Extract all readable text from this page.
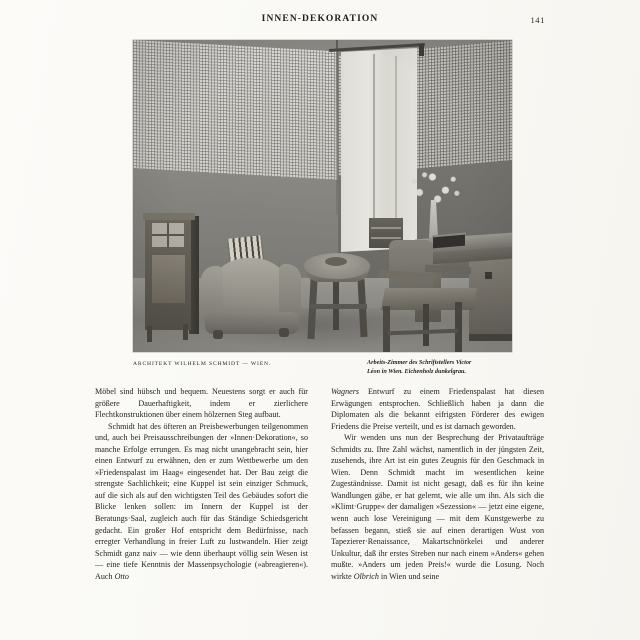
INNEN-DEKORATION	141
ARCHITEKT WILHELM SCHMIDT — WIEN.	Arbeits-Zimmer des Schriftstellers Victor
Léon in Wien. Eichenholz dunkelgrau.

Möbel sind hübsch und bequem. Neuestens sorgt er auch für größere Dauerhaftigkeit, indem er zierlichere Flechtkonstruktionen über einem hölzernen Steg aufbaut.

Schmidt hat des öfteren an Preisbewerbungen teilgenommen und, auch bei Preisausschreibungen der »Innen·Dekoration«, so manche Erfolge errungen. Es mag nicht unangebracht sein, hier einen Entwurf zu erwähnen, den er zum Wettbewerbe um den »Friedenspalast im Haag« eingesendet hat. Der Bau zeigt die strengste Sachlichkeit; eine Kuppel ist sein einziger Schmuck, auf die sich als auf den wichtigsten Teil des Gebäudes sofort die Blicke lenken sollen: im Innern der Kuppel ist der Beratungs·Saal, zugleich auch für das Ständige Schiedsgericht gedacht. Ein großer Hof entspricht dem Bedürfnisse, nach erregter Verhandlung in freier Luft zu lustwandeln. Hier zeigt Schmidt ganz naiv — wie denn überhaupt völlig sein Wesen ist — eine tiefe Kenntnis der Massenpsychologie (»abreagieren«). Auch Otto

Wagners Entwurf zu einem Friedenspalast hat diesen Erwägungen entsprochen. Schließlich haben ja dann die Diplomaten als die bekannt eifrigsten Förderer des ewigen Friedens die Preise verteilt, und es ist darnach geworden.

Wir wenden uns nun der Besprechung der Privataufträge Schmidts zu. Ihre Zahl wächst, namentlich in der jüngsten Zeit, zusehends, ihre Art ist ein gutes Zeugnis für den Geschmack in Wien. Denn Schmidt macht im wesentlichen keine Zugeständnisse. Damit ist nicht gesagt, daß es für ihn keine Wandlungen gäbe, er hat gelernt, wie alle um ihn. Als sich die »Klimt·Gruppe« der damaligen »Sezession« — jetzt eine eigene, wenn auch lose Vereinigung — mit dem Kunstgewerbe zu befassen begann, stieß sie auf einen derartigen Wust von Tapezierer·Renaissance, Makartschnörkelei und anderer Unkultur, daß ihr erstes Streben nur nach einem »Anders« gehen mußte. »Anders um jeden Preis!« wurde die Losung. Noch wirkte Olbrich in Wien und seine
